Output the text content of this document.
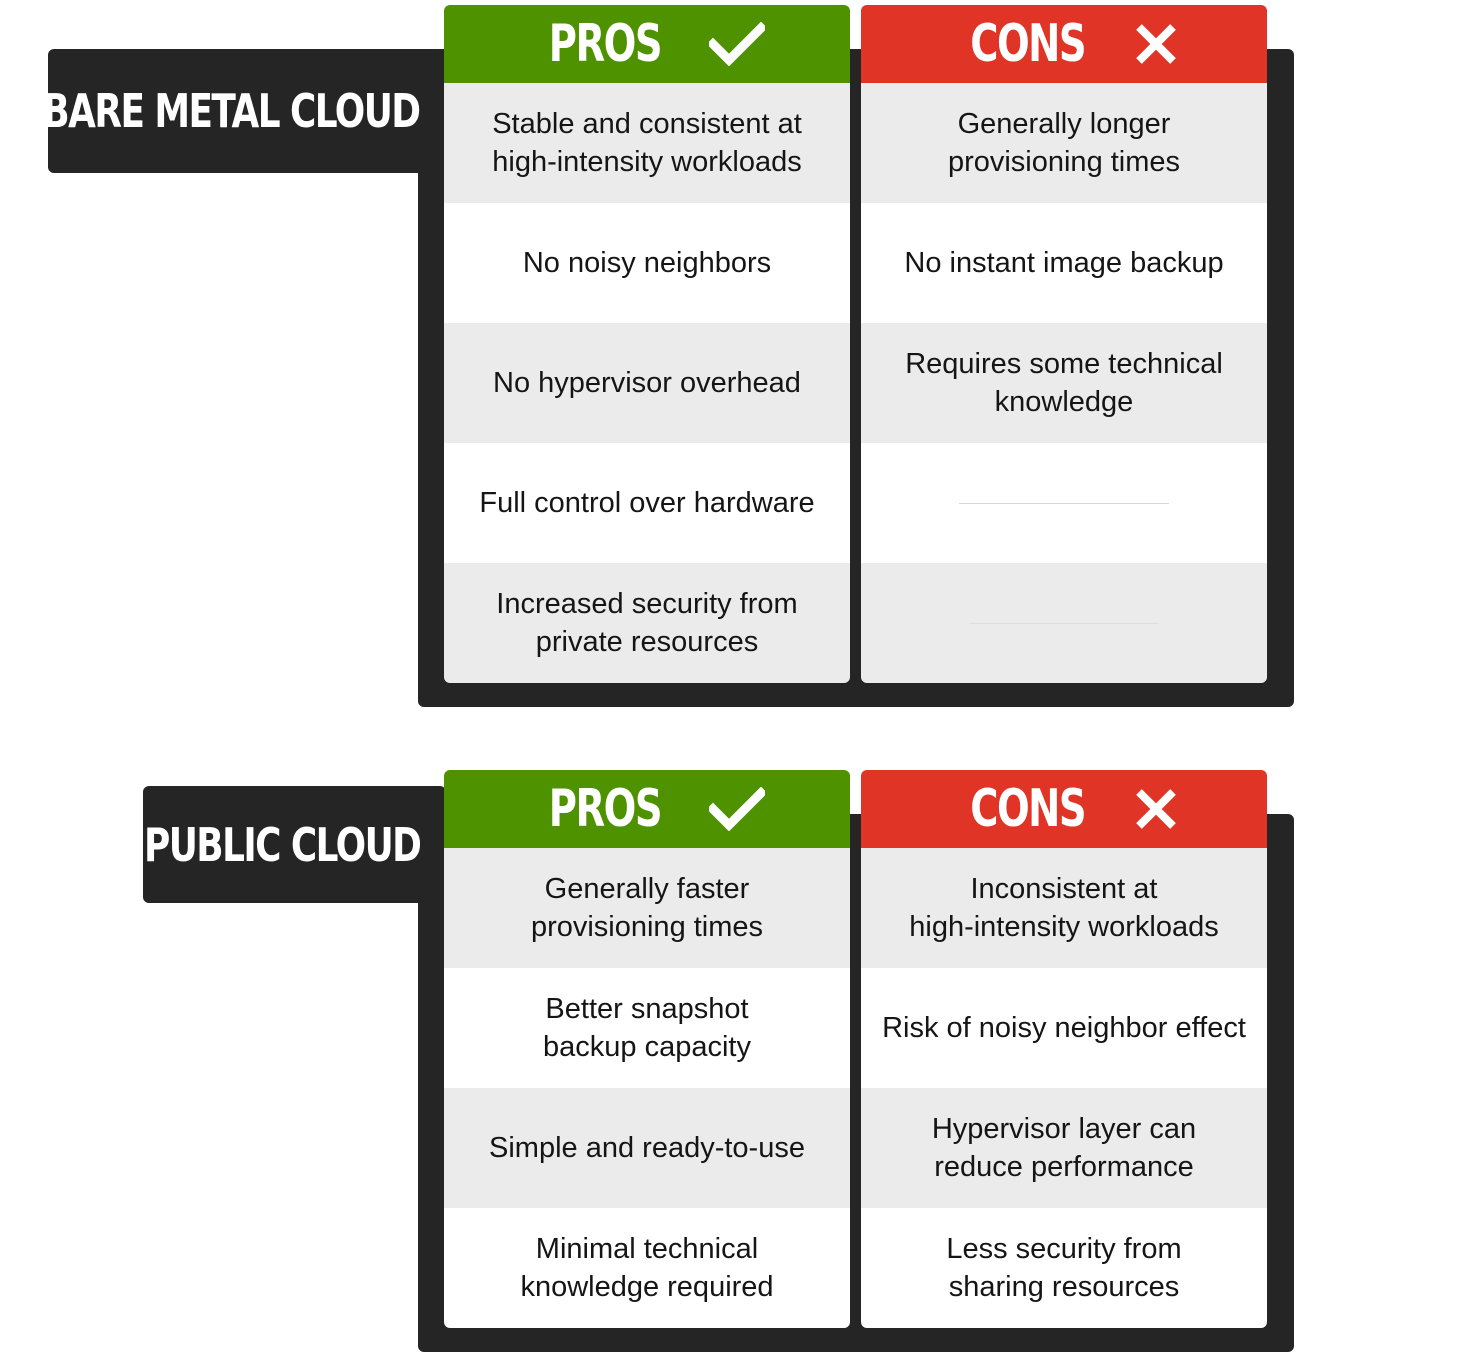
BARE METAL CLOUD
PROS
Stable and consistent at
high-intensity workloads
No noisy neighbors
No hypervisor overhead
Full control over hardware
Increased security from
private resources
CONS
Generally longer
provisioning times
No instant image backup
Requires some technical
knowledge
PUBLIC CLOUD
PROS
Generally faster
provisioning times
Better snapshot
backup capacity
Simple and ready-to-use
Minimal technical
knowledge required
CONS
Inconsistent at
high-intensity workloads
Risk of noisy neighbor effect
Hypervisor layer can
reduce performance
Less security from
sharing resources
